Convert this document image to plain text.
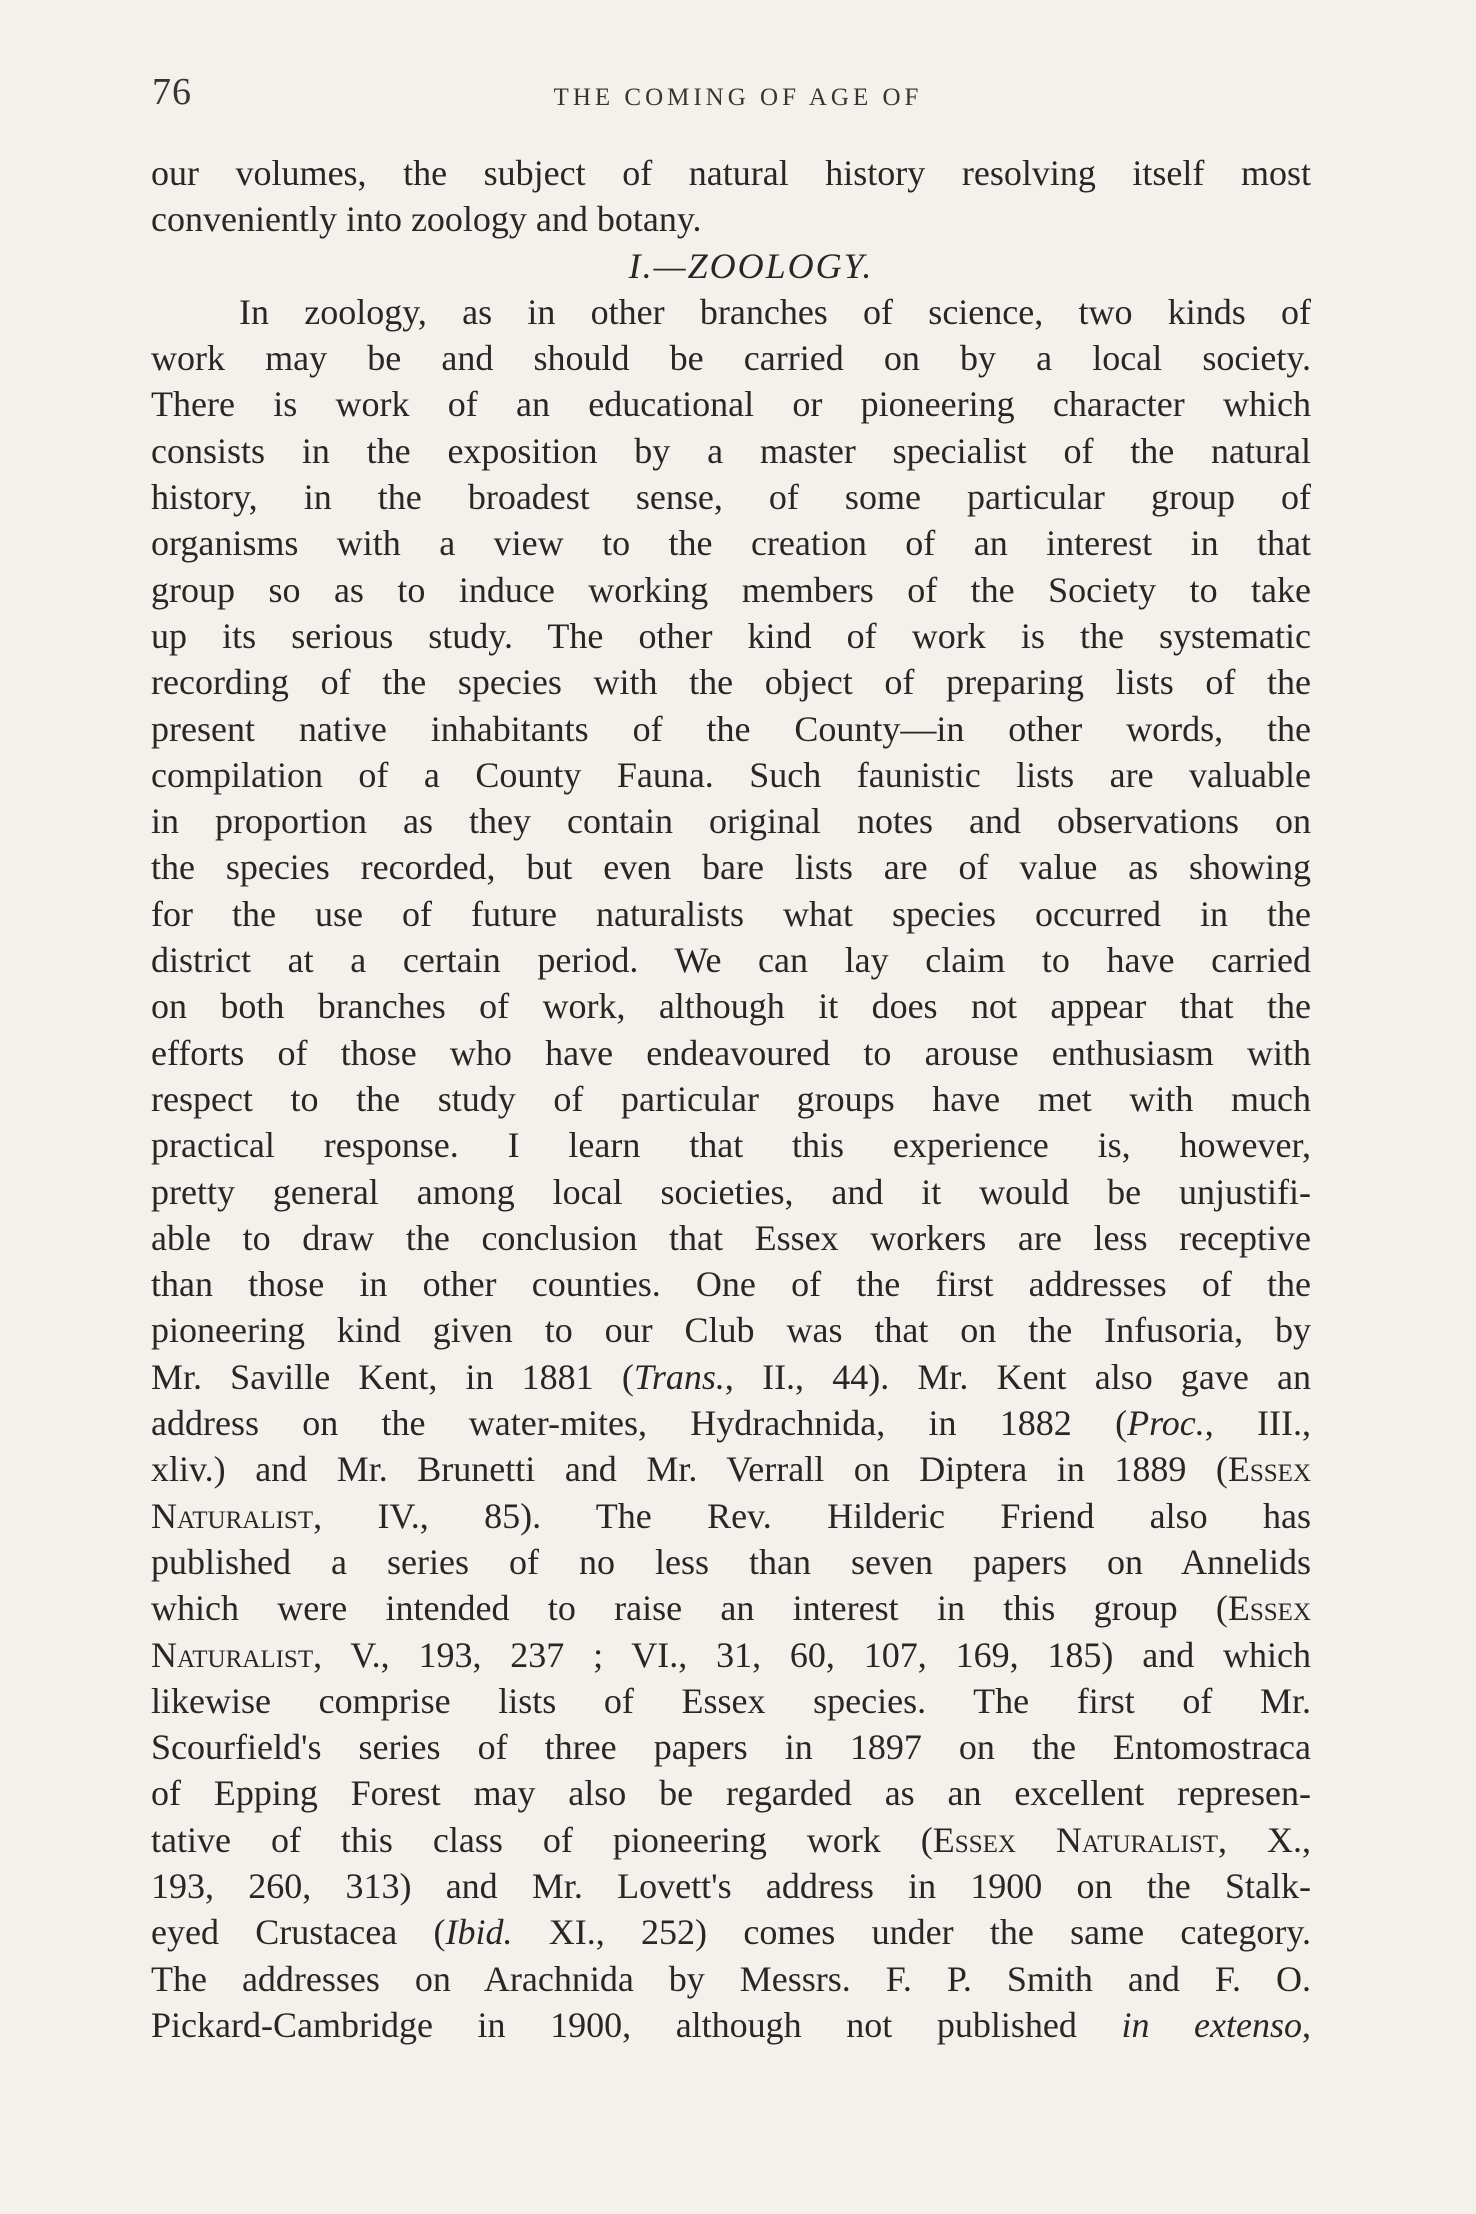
76	THE COMING OF AGE OF
our volumes, the subject of natural history resolving itself most
conveniently into zoology and botany.
I.—ZOOLOGY.
In zoology, as in other branches of science, two kinds of
work may be and should be carried on by a local society.
There is work of an educational or pioneering character which
consists in the exposition by a master specialist of the natural
history, in the broadest sense, of some particular group of
organisms with a view to the creation of an interest in that
group so as to induce working members of the Society to take
up its serious study. The other kind of work is the systematic
recording of the species with the object of preparing lists of the
present native inhabitants of the County—in other words, the
compilation of a County Fauna. Such faunistic lists are valuable
in proportion as they contain original notes and observations on
the species recorded, but even bare lists are of value as showing
for the use of future naturalists what species occurred in the
district at a certain period. We can lay claim to have carried
on both branches of work, although it does not appear that the
efforts of those who have endeavoured to arouse enthusiasm with
respect to the study of particular groups have met with much
practical response. I learn that this experience is, however,
pretty general among local societies, and it would be unjustifi-
able to draw the conclusion that Essex workers are less receptive
than those in other counties. One of the first addresses of the
pioneering kind given to our Club was that on the Infusoria, by
Mr. Saville Kent, in 1881 (Trans., II., 44). Mr. Kent also gave an
address on the water-mites, Hydrachnida, in 1882 (Proc., III.,
xliv.) and Mr. Brunetti and Mr. Verrall on Diptera in 1889 (Essex
Naturalist, IV., 85). The Rev. Hilderic Friend also has
published a series of no less than seven papers on Annelids
which were intended to raise an interest in this group (Essex
Naturalist, V., 193, 237 ; VI., 31, 60, 107, 169, 185) and which
likewise comprise lists of Essex species. The first of Mr.
Scourfield's series of three papers in 1897 on the Entomostraca
of Epping Forest may also be regarded as an excellent represen-
tative of this class of pioneering work (Essex Naturalist, X.,
193, 260, 313) and Mr. Lovett's address in 1900 on the Stalk-
eyed Crustacea (Ibid. XI., 252) comes under the same category.
The addresses on Arachnida by Messrs. F. P. Smith and F. O.
Pickard-Cambridge in 1900, although not published in extenso,
